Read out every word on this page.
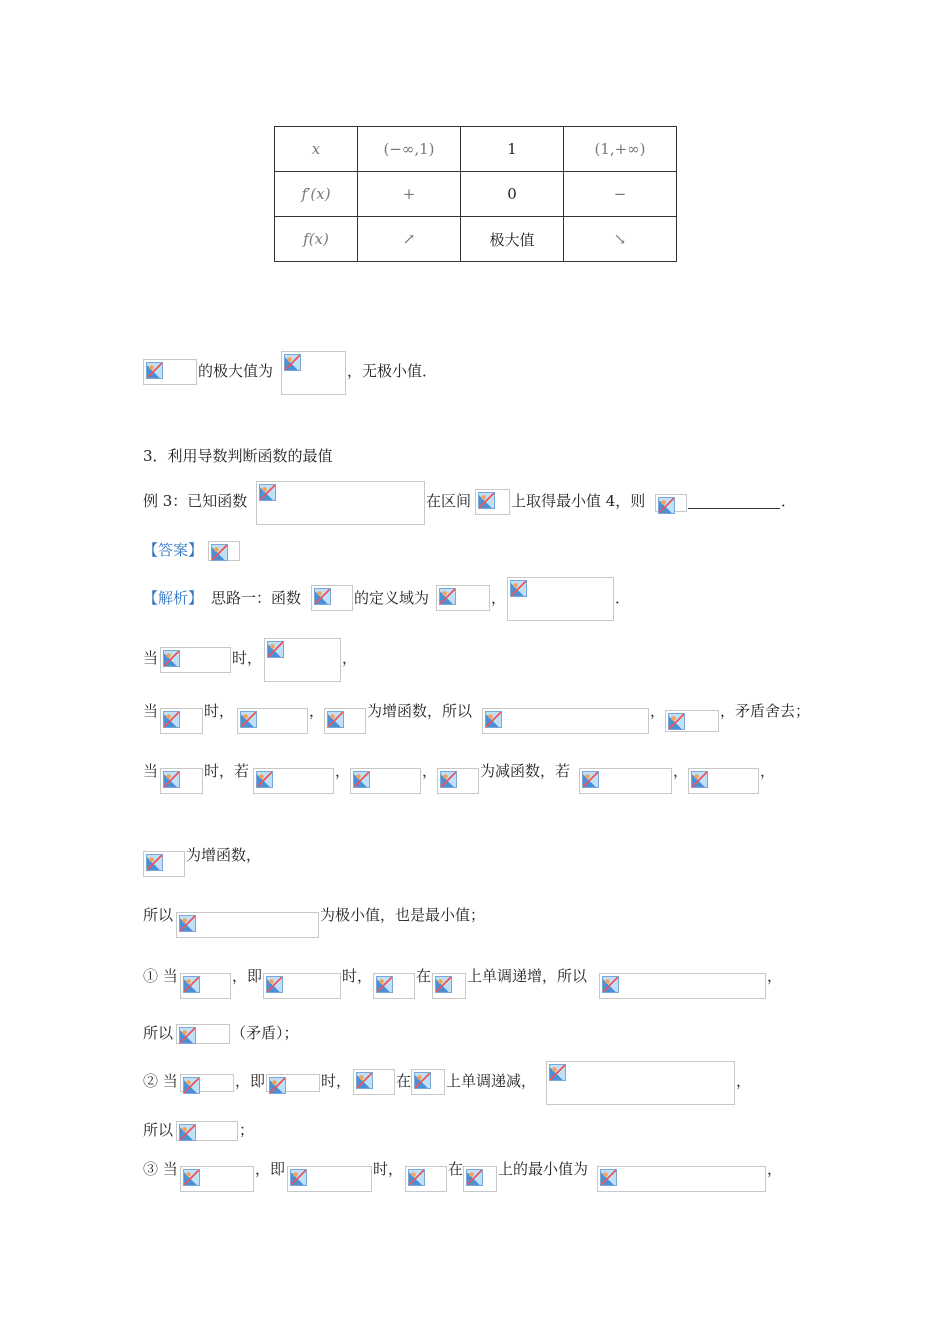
x	(−∞,1)	1	(1,+∞)
f′(x)	+	0	−
f(x)	↗	极大值	↘
的极大值为	，无极小值．
3．利用导数判断函数的最值
例 3：已知函数	在区间	上取得最小值 4，则	．
【答案】
【解析】 思路一：函数	的定义域为	，	．
当	时，	，
当	时，	，	为增函数，所以	，	，矛盾舍去；
当	时，若	，	，	为减函数，若	，	，
为增函数，
所以	为极小值，也是最小值；
① 当	，即	时，	在 上单调递增，所以	，
所以	（矛盾）；
② 当	，即	时，	在 上单调递减，	，
所以	；
③ 当	，即	时，	在 上的最小值为	，
